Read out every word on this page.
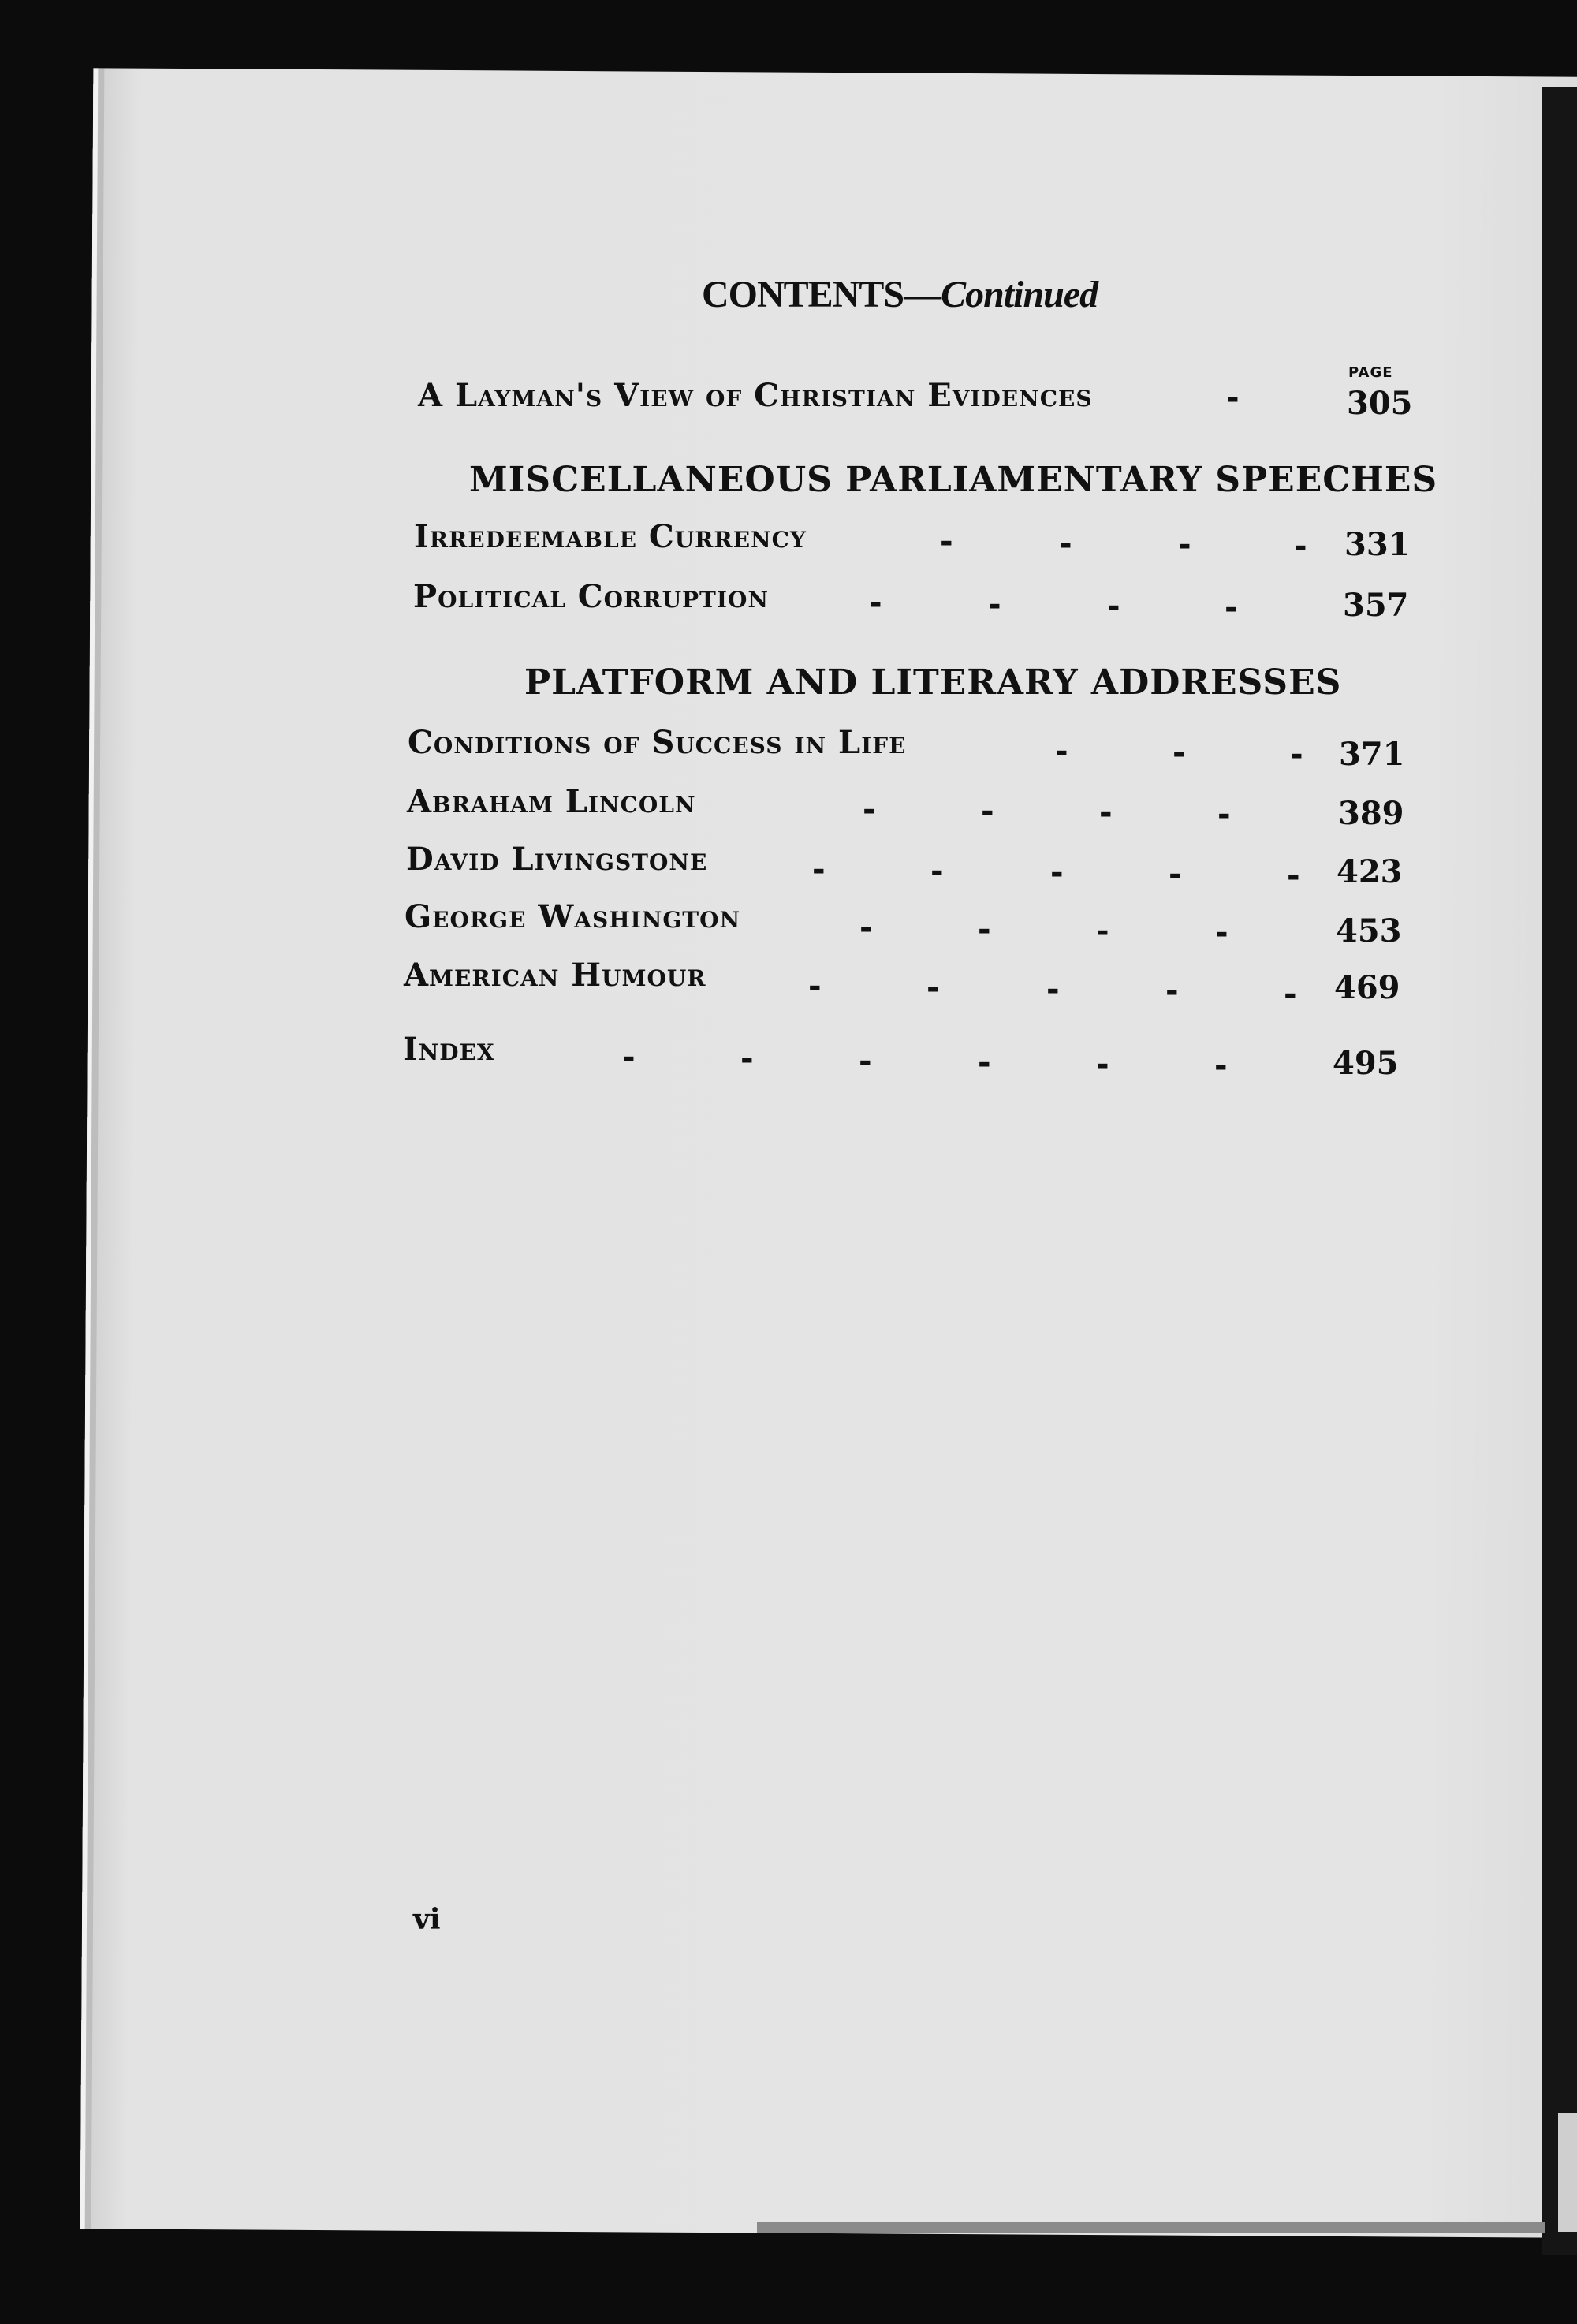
CONTENTS—Continued
PAGE
A Layman's View of Christian Evidences	-	305
MISCELLANEOUS PARLIAMENTARY SPEECHES
Irredeemable Currency	-	-	-	- 331
Political Corruption	-	-	-	-	357
PLATFORM AND LITERARY ADDRESSES
Conditions of Success in Life	-	-	- 371
Abraham Lincoln	-	-	-	-	389
David Livingstone	-	-	-	-	- 423
George Washington	-	-	-	-	453
American Humour	-	-	-	-	- 469
Index	-	-	-	-	-	-	495
vi
